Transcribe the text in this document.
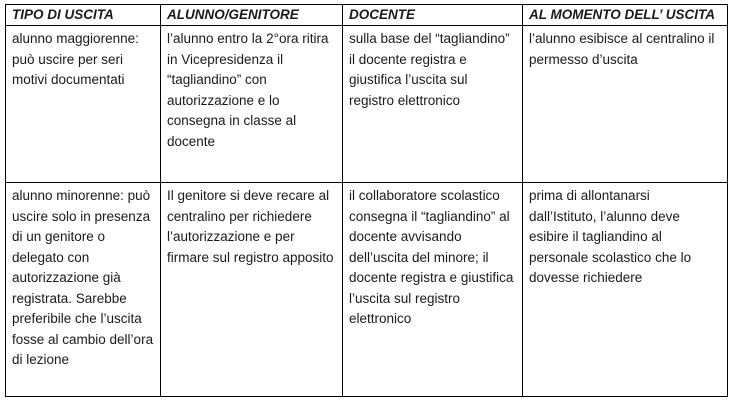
TIPO DI USCITA	ALUNNO/GENITORE	DOCENTE	AL MOMENTO DELL’ USCITA

alunno maggiorenne: può uscire per seri motivi documentati	l’alunno entro la 2°ora ritira in Vicepresidenza il “tagliandino” con autorizzazione e lo consegna in classe al docente	sulla base del “tagliandino” il docente registra e giustifica l’uscita sul registro elettronico	l’alunno esibisce al centralino il permesso d’uscita

alunno minorenne: può uscire solo in presenza di un genitore o delegato con autorizzazione già registrata. Sarebbe preferibile che l’uscita fosse al cambio dell’ora di lezione	Il genitore si deve recare al centralino per richiedere l’autorizzazione e per firmare sul registro apposito	il collaboratore scolastico consegna il “tagliandino” al docente avvisando dell’uscita del minore; il docente registra e giustifica l’uscita sul registro elettronico	prima di allontanarsi dall’Istituto, l’alunno deve esibire il tagliandino al personale scolastico che lo dovesse richiedere
